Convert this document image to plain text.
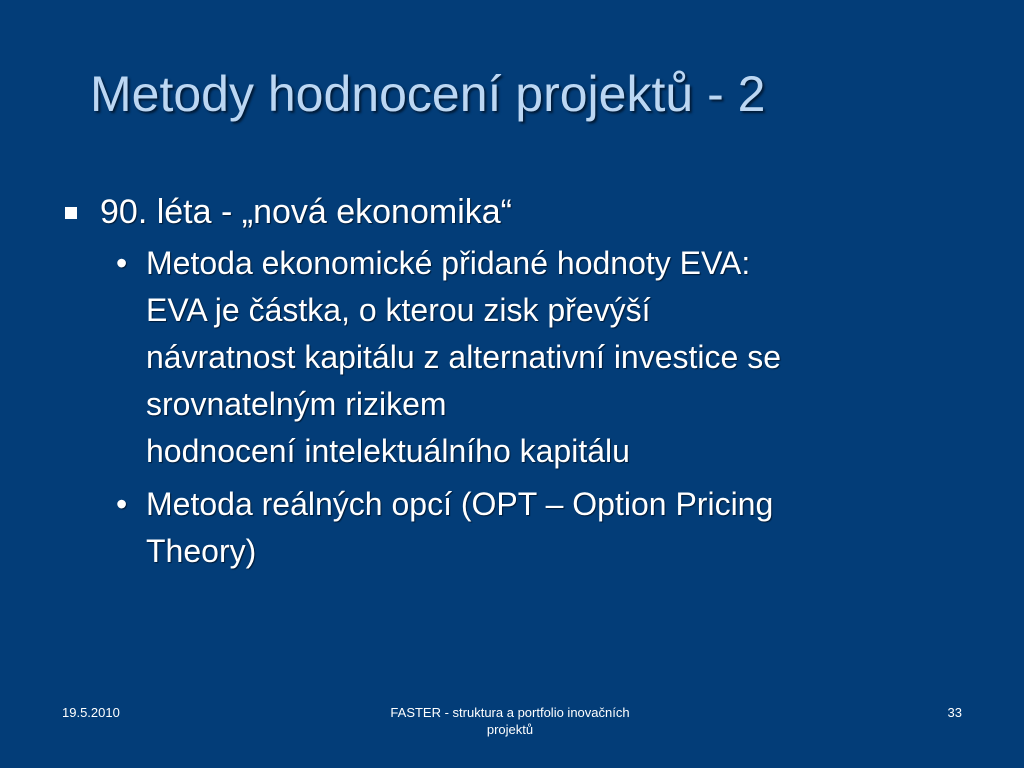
Metody hodnocení projektů - 2
90. léta - „nová ekonomika“
• Metoda ekonomické přidané hodnoty EVA:
EVA je částka, o kterou zisk převýší
návratnost kapitálu z alternativní investice se
srovnatelným rizikem
hodnocení intelektuálního kapitálu
• Metoda reálných opcí (OPT – Option Pricing
Theory)
19.5.2010	FASTER - struktura a portfolio inovačních
projektů
33
